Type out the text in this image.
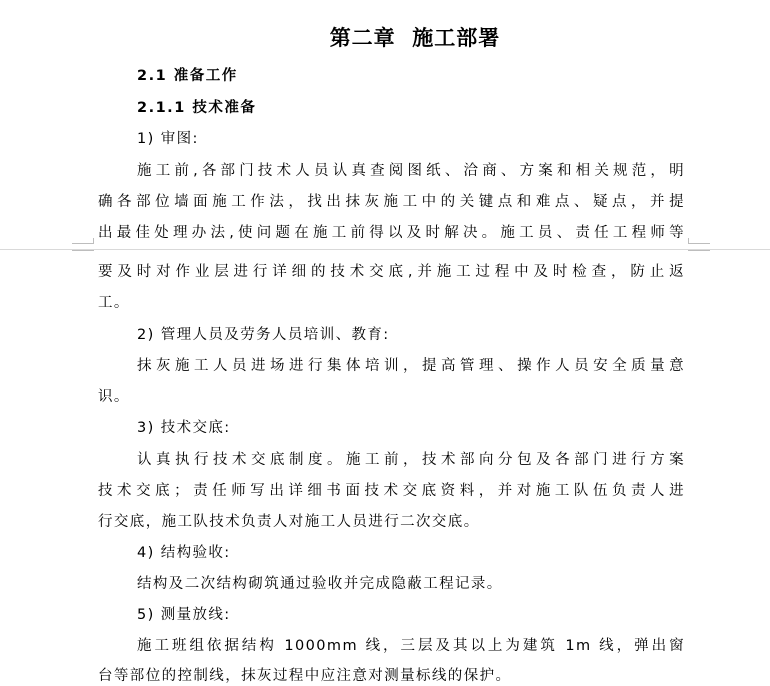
第二章  施工部署
2.1 准备工作
2.1.1 技术准备
1) 审图:
施工前,各部门技术人员认真查阅图纸、洽商、方案和相关规范，明
确各部位墙面施工作法，找出抹灰施工中的关键点和难点、疑点，并提
出最佳处理办法,使问题在施工前得以及时解决。施工员、责任工程师等
要及时对作业层进行详细的技术交底,并施工过程中及时检查，防止返
工。
2) 管理人员及劳务人员培训、教育:
抹灰施工人员进场进行集体培训，提高管理、操作人员安全质量意
识。
3) 技术交底:
认真执行技术交底制度。施工前，技术部向分包及各部门进行方案
技术交底；责任师写出详细书面技术交底资料，并对施工队伍负责人进
行交底，施工队技术负责人对施工人员进行二次交底。
4) 结构验收:
结构及二次结构砌筑通过验收并完成隐蔽工程记录。
5) 测量放线:
施工班组依据结构 1000mm 线，三层及其以上为建筑 1m 线，弹出窗
台等部位的控制线，抹灰过程中应注意对测量标线的保护。
